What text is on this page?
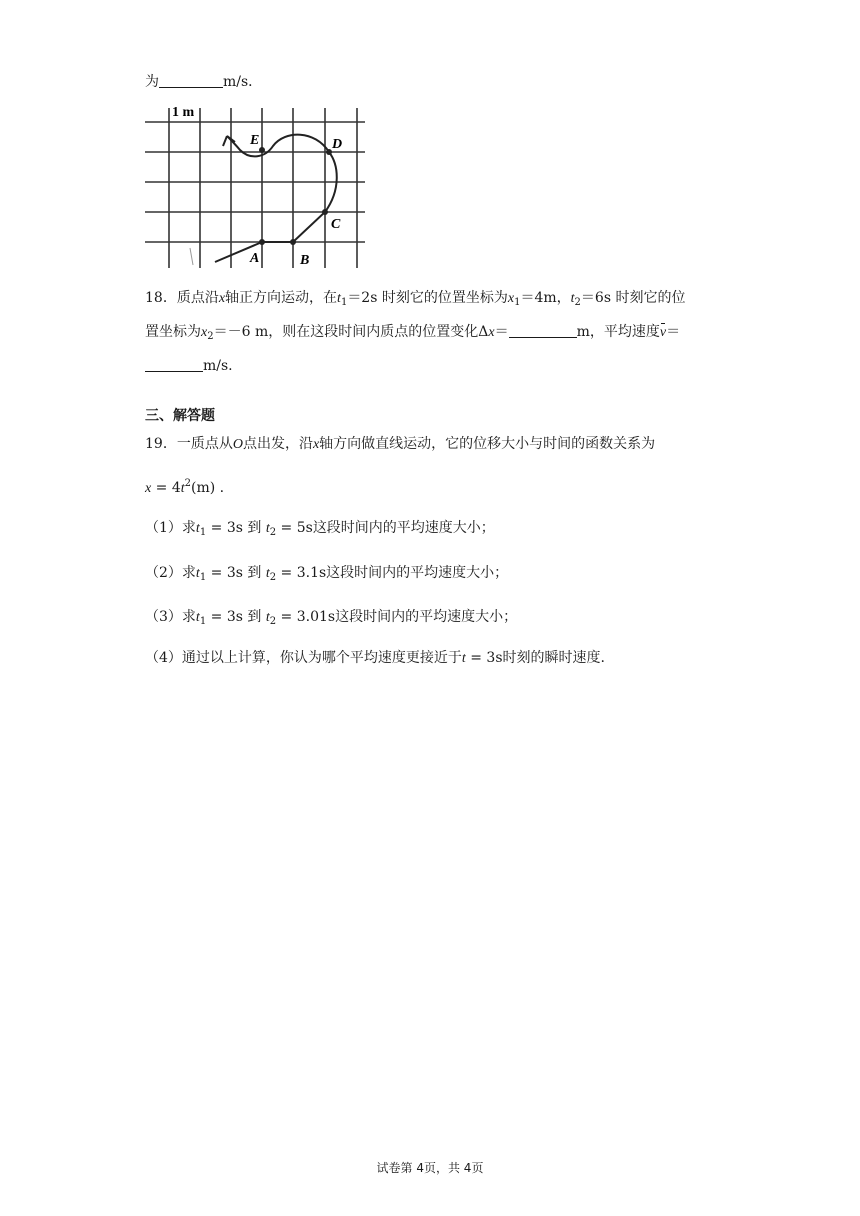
为	m/s．
1 m
E	D
C
A	B
18．质点沿x轴正方向运动，在$t_1=2s$ 时刻它的位置坐标为$x_1=4m$，$t_2=6s$ 时刻它的位
置坐标为$x_2=-6$ m，则在这段时间内质点的位置变化Δx＝	m，平均速度v＝
m/s.
三、解答题
19．一质点从O点出发，沿x轴方向做直线运动，它的位移大小与时间的函数关系为
$x = 4t^2(m)$ .
（1）求$t_1 = 3s$ 到 $t_2 = 5s$这段时间内的平均速度大小；
（2）求$t_1 = 3s$ 到 $t_2 = 3.1s$这段时间内的平均速度大小；
（3）求$t_1 = 3s$ 到 $t_2 = 3.01s$这段时间内的平均速度大小；
（4）通过以上计算，你认为哪个平均速度更接近于t = 3s时刻的瞬时速度.
试卷第 4页，共 4页
